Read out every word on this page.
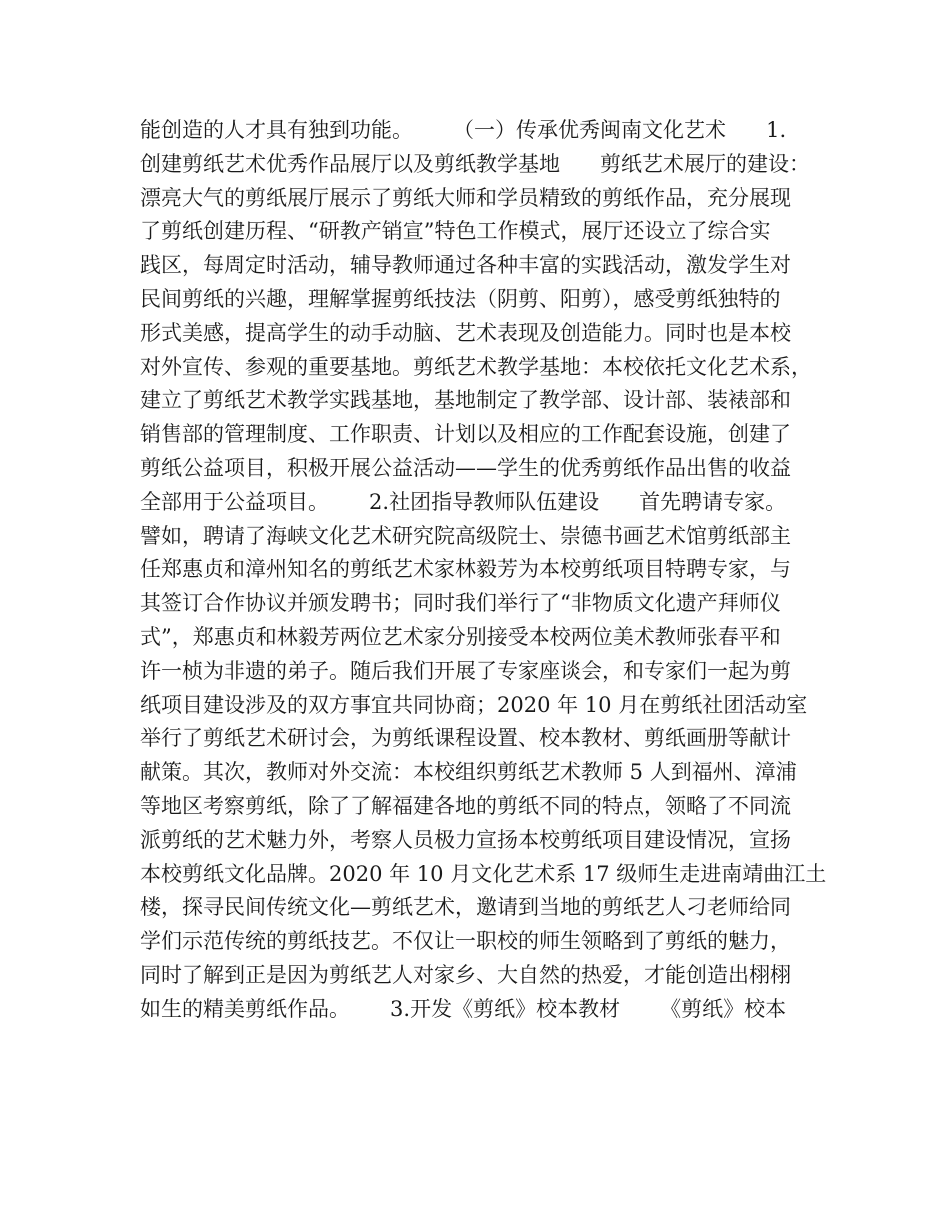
能创造的人才具有独到功能。      （一）传承优秀闽南文化艺术      1.
创建剪纸艺术优秀作品展厅以及剪纸教学基地      剪纸艺术展厅的建设：
漂亮大气的剪纸展厅展示了剪纸大师和学员精致的剪纸作品，充分展现
了剪纸创建历程、“研教产销宣”特色工作模式，展厅还设立了综合实
践区，每周定时活动，辅导教师通过各种丰富的实践活动，激发学生对
民间剪纸的兴趣，理解掌握剪纸技法（阴剪、阳剪），感受剪纸独特的
形式美感，提高学生的动手动脑、艺术表现及创造能力。同时也是本校
对外宣传、参观的重要基地。剪纸艺术教学基地：本校依托文化艺术系，
建立了剪纸艺术教学实践基地，基地制定了教学部、设计部、装裱部和
销售部的管理制度、工作职责、计划以及相应的工作配套设施，创建了
剪纸公益项目，积极开展公益活动——学生的优秀剪纸作品出售的收益
全部用于公益项目。      2.社团指导教师队伍建设      首先聘请专家。
譬如，聘请了海峡文化艺术研究院高级院士、崇德书画艺术馆剪纸部主
任郑惠贞和漳州知名的剪纸艺术家林毅芳为本校剪纸项目特聘专家，与
其签订合作协议并颁发聘书；同时我们举行了“非物质文化遗产拜师仪
式”，郑惠贞和林毅芳两位艺术家分别接受本校两位美术教师张春平和
许一桢为非遗的弟子。随后我们开展了专家座谈会，和专家们一起为剪
纸项目建设涉及的双方事宜共同协商；2020 年 10 月在剪纸社团活动室
举行了剪纸艺术研讨会，为剪纸课程设置、校本教材、剪纸画册等献计
献策。其次，教师对外交流：本校组织剪纸艺术教师 5 人到福州、漳浦
等地区考察剪纸，除了了解福建各地的剪纸不同的特点，领略了不同流
派剪纸的艺术魅力外，考察人员极力宣扬本校剪纸项目建设情况，宣扬
本校剪纸文化品牌。2020 年 10 月文化艺术系 17 级师生走进南靖曲江土
楼，探寻民间传统文化—剪纸艺术，邀请到当地的剪纸艺人刁老师给同
学们示范传统的剪纸技艺。不仅让一职校的师生领略到了剪纸的魅力，
同时了解到正是因为剪纸艺人对家乡、大自然的热爱，才能创造出栩栩
如生的精美剪纸作品。      3.开发《剪纸》校本教材      《剪纸》校本
